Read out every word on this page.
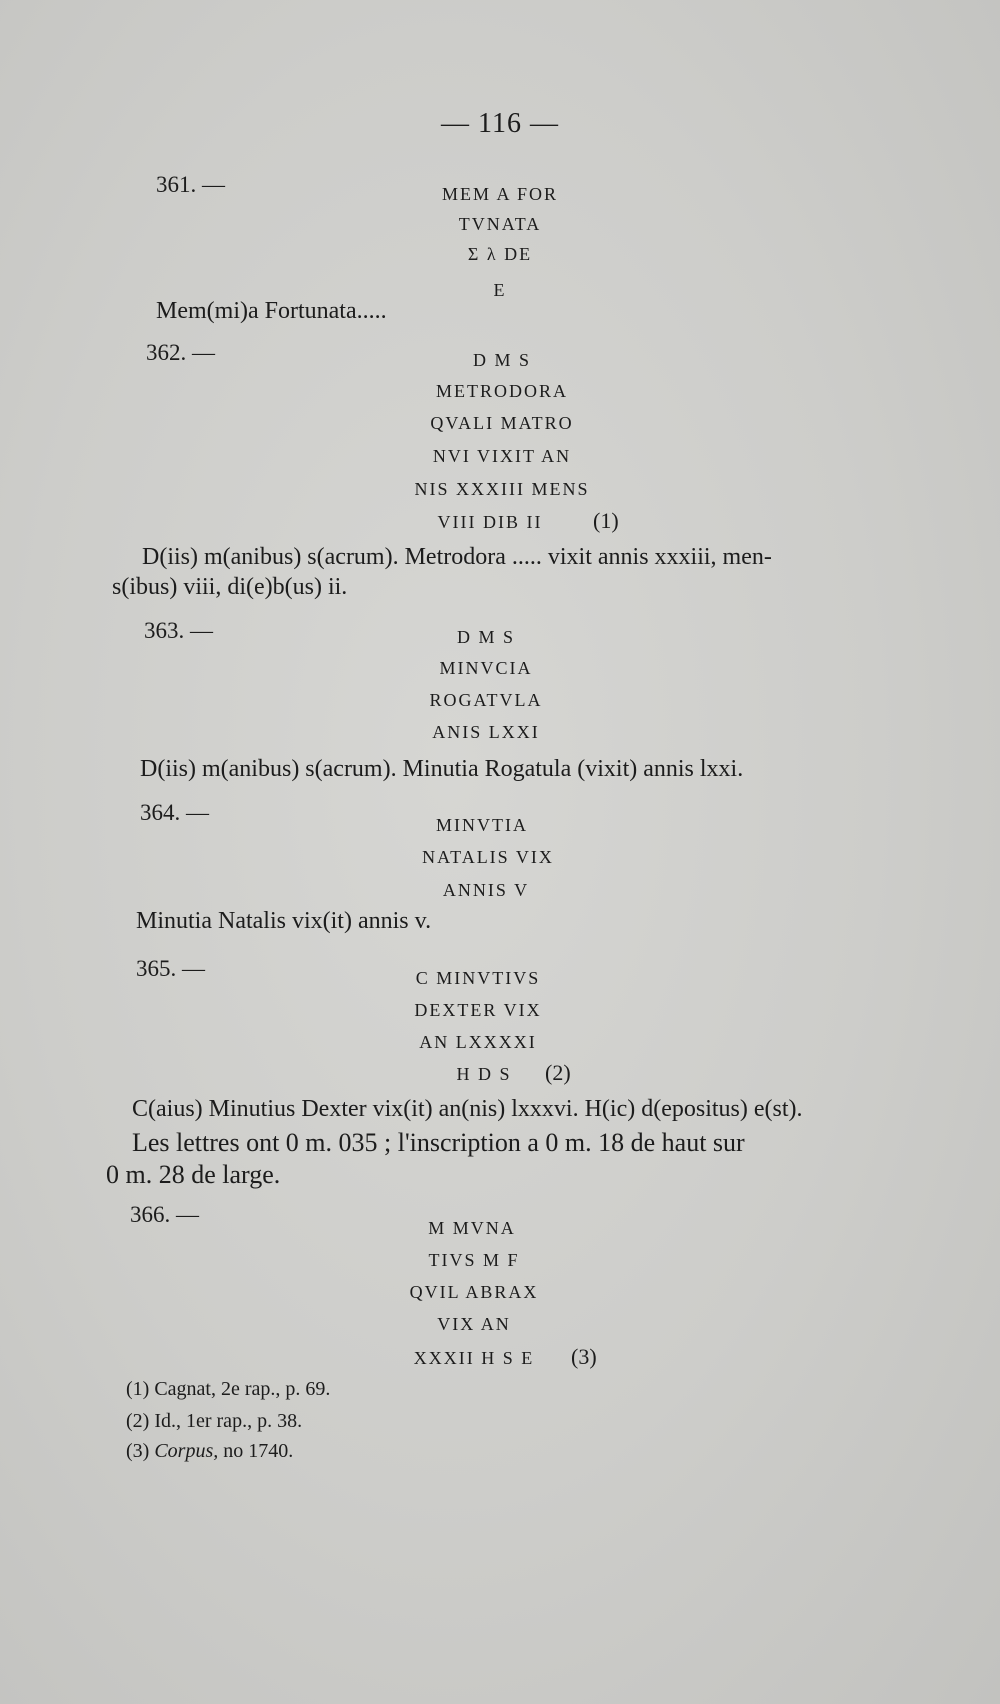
— 116 —
361. —	MEM A FOR
TVNATA
Σ λ DE
E
Mem(mi)a Fortunata.....
362. —	D M S
METRODORA
QVALI MATRO
NVI VIXIT AN
NIS XXXIII MENS
VIII DIB II (1)
D(iis) m(anibus) s(acrum). Metrodora ..... vixit annis xxxiii, men-
s(ibus) viii, di(e)b(us) ii.
363. —	D M S
MINVCIA
ROGATVLA
ANIS LXXI
D(iis) m(anibus) s(acrum). Minutia Rogatula (vixit) annis lxxi.
364. —	MINVTIA
NATALIS VIX
ANNIS V
Minutia Natalis vix(it) annis v.
365. —	C MINVTIVS
DEXTER VIX
AN LXXXXI
H D S (2)
C(aius) Minutius Dexter vix(it) an(nis) lxxxvi. H(ic) d(epositus) e(st).
Les lettres ont 0 m. 035 ; l'inscription a 0 m. 18 de haut sur
0 m. 28 de large.
366. —
M MVNA
TIVS M F
QVIL ABRAX
VIX AN
XXXII H S E (3)
(1) Cagnat, 2e rap., p. 69.
(2) Id., 1er rap., p. 38.
(3) Corpus, no 1740.
